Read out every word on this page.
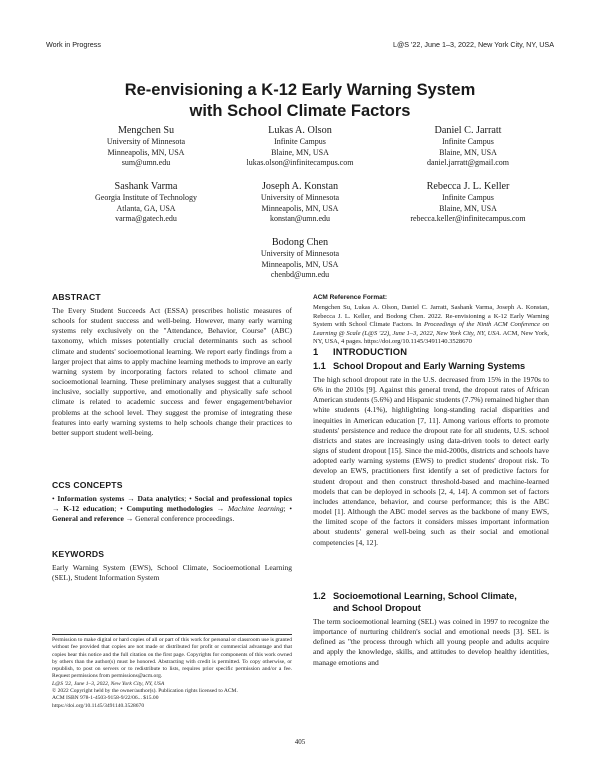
Work in Progress	L@S '22, June 1–3, 2022, New York City, NY, USA
Re-envisioning a K-12 Early Warning System
with School Climate Factors
Mengchen Su
University of Minnesota
Minneapolis, MN, USA
sum@umn.edu
Lukas A. Olson
Infinite Campus
Blaine, MN, USA
lukas.olson@infinitecampus.com
Daniel C. Jarratt
Infinite Campus
Blaine, MN, USA
daniel.jarratt@gmail.com
Sashank Varma
Georgia Institute of Technology
Atlanta, GA, USA
varma@gatech.edu
Joseph A. Konstan
University of Minnesota
Minneapolis, MN, USA
konstan@umn.edu
Rebecca J. L. Keller
Infinite Campus
Blaine, MN, USA
rebecca.keller@infinitecampus.com
Bodong Chen
University of Minnesota
Minneapolis, MN, USA
chenbd@umn.edu
ABSTRACT
The Every Student Succeeds Act (ESSA) prescribes holistic measures of schools for student success and well-being. However, many early warning systems rely exclusively on the "Attendance, Behavior, Course" (ABC) taxonomy, which misses potentially crucial determinants such as school climate and students' socioemotional learning. We report early findings from a larger project that aims to apply machine learning methods to improve an early warning system by incorporating factors related to school climate and socioemotional learning. These preliminary analyses suggest that a culturally inclusive, socially supportive, and emotionally and physically safe school climate is related to academic success and fewer engagement/behavior problems at the school level. They suggest the promise of integrating these features into early warning systems to help schools change their practices to better support student well-being.
CCS CONCEPTS
• Information systems → Data analytics; • Social and professional topics → K-12 education; • Computing methodologies → Machine learning; • General and reference → General conference proceedings.
KEYWORDS
Early Warning System (EWS), School Climate, Socioemotional Learning (SEL), Student Information System
Permission to make digital or hard copies of all or part of this work for personal or classroom use is granted without fee provided that copies are not made or distributed for profit or commercial advantage and that copies bear this notice and the full citation on the first page. Copyrights for components of this work owned by others than the author(s) must be honored. Abstracting with credit is permitted. To copy otherwise, or republish, to post on servers or to redistribute to lists, requires prior specific permission and/or a fee. Request permissions from permissions@acm.org.
L@S '22, June 1–3, 2022, New York City, NY, USA
© 2022 Copyright held by the owner/author(s). Publication rights licensed to ACM.
ACM ISBN 978-1-4503-9158-9/22/06... $15.00
https://doi.org/10.1145/3491140.3528670
ACM Reference Format:
Mengchen Su, Lukas A. Olson, Daniel C. Jarratt, Sashank Varma, Joseph A. Konstan, Rebecca J. L. Keller, and Bodong Chen. 2022. Re-envisioning a K-12 Early Warning System with School Climate Factors. In Proceedings of the Ninth ACM Conference on Learning @ Scale (L@S '22), June 1–3, 2022, New York City, NY, USA. ACM, New York, NY, USA, 4 pages. https://doi.org/10.1145/3491140.3528670
1 INTRODUCTION
1.1 School Dropout and Early Warning Systems
The high school dropout rate in the U.S. decreased from 15% in the 1970s to 6% in the 2010s [9]. Against this general trend, the dropout rates of African American students (5.6%) and Hispanic students (7.7%) remained higher than white students (4.1%), highlighting long-standing racial disparities and inequities in American education [7, 11]. Among various efforts to promote students' persistence and reduce the dropout rate for all students, U.S. school districts and states are increasingly using data-driven tools to detect early signs of student dropout [15]. Since the mid-2000s, districts and schools have adopted early warning systems (EWS) to predict students' dropout risk. To develop an EWS, practitioners first identify a set of predictive factors for student dropout and then construct threshold-based and machine-learned models that can be deployed in schools [2, 4, 14]. A common set of factors includes attendance, behavior, and course performance; this is the ABC model [1]. Although the ABC model serves as the backbone of many EWS, the limited scope of the factors it considers misses important information about students' general well-being such as their social and emotional competencies [4, 12].
1.2 Socioemotional Learning, School Climate,
and School Dropout
The term socioemotional learning (SEL) was coined in 1997 to recognize the importance of nurturing children's social and emotional needs [3]. SEL is defined as "the process through which all young people and adults acquire and apply the knowledge, skills, and attitudes to develop healthy identities, manage emotions and
405
